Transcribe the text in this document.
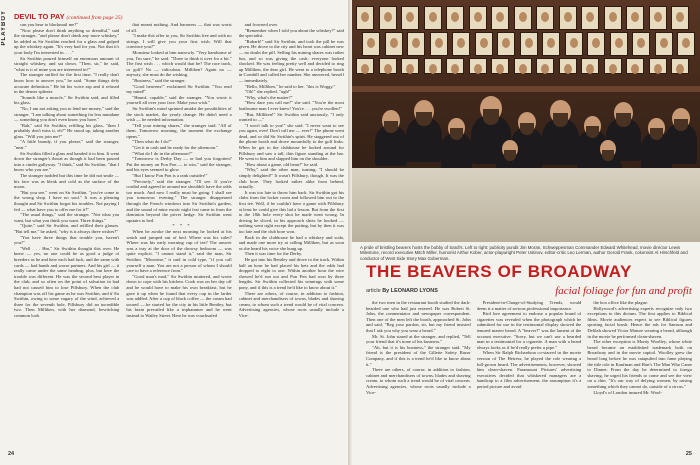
PLAYBOY DEVIL TO PAY (continued from page 25)

can you bear to blackmail me?"

"Now please don't think anything so dreadful," said the stranger, "and please don't drink any more whiskey," he added as Sir Swithin reached for a glass and gulped up the whiskey again. "It's very bad for you. Not that it's your body I'm interested in. . . ."

Sir Swithin poured himself an enormous amount of straight whiskey, and sat down. "Then, sir," he said, "what is it of mine you are interested in?"

The stranger sniffed for the first time. "I really don't know how to answer you," he said. "Some things defy accurate definition." He bit his voice asp and it refused in the denser splinter.

"Sounds like a muscle," Sir Swithin said, and filled his glass.

"No, I am not asking you to lend me money," said the stranger. "I am talking about something far less mundane — something you don't even know you have."

"Bah," said Sir Swithin, refilling his glass, "then I probably don't miss it, eh?" He stood up, taking another glass. "Will you join me?"

"A little brandy, if you please," said the stranger, "neat."

Sir Swithin filled a glass and handed it to him. It went down the stranger's throat as though it had been poured into a cinder gullyway. "I think," said Sir Swithin, "that I know who you are."

The stranger nodded but this time he did not smile — his face was as bleak and cold as the surface of the moon.

"But you see," went on Sir Swithin, "you've come to the wrong shop. I have no soul." It was a pleasing thought and Sir Swithin forgot his troubles. Not paying I fed — what have you to offer me for it?"

"The usual things," said the stranger. "Not what you want, but what you think you want. Three things."

"Quite," said Sir Swithin, and refilled their glasses. "But tell me," he asked, "why is it always three wishes?"

"You have three things that trouble you, haven't you?"

"Well . . . Hm," Sir Swithin thought this over. He knew — yes, no one could be as good a judge of breeders as he and here each had luck, and the same with cards — bad hands and worse partners. And his girl — it really came under the same heading, plus, but here the trouble was different. He was the second best player in the club, and so often on the point of salvation in bad had not caused him to lose Pillsbury. When the club champion was off his game as he was Swithin, and if Sir Swithin, owing to some vagary of the wind, achieved a three for the seventh hole, Pillsbury did an incredible two. Then Milliken, with her diamond, bewitching common look

that meant nothing. And baroness — that was worst of all.

"I make this offer to you, Sir Swithin free and with no strings. I will give you your first wish. Will that convince you?"

Monsieur looked at him narrowly. "Very handsome of you, I'm sure," he said. "Three to think it over for a bit." The first wish . . . which would that be? The race track, or golf? No — ridiculous. Milliken? Again no — anyway, she must do the wishing.

"Business," said the stranger.

"Good heavens!" exclaimed Sir Swithin. "You read my mind!"

"Hmmf, capable," said the stranger. "You wrote it yourself all over your face. Make your wish."

Sir Swithin's mind sprinted amidst the possibilities of the stock market, the yearly change. He didn't need a wish — he needed information.

"Tell your mining shares," the stranger said. "All of them. Tomorrow morning, the moment the exchange opens."

"Then what do I do?"

"Get it in cash and be ready for the afternoon."

"What do I do in the afternoon?"

"Tomorrow is Derby Day — or had you forgotten? Put the money on Pon Pon — to win," said the stranger, and his eyes seemed to glow.

"But I know Pon Pon is a rank outsider!"

"Precisely," said the stranger. "I'll see. If you're cordial and agreed in around me shouldn't have the odds too much. And now I really must be going. I shall see you tomorrow evening." The stranger disappeared through the French windows into Sir Swithin's garden, and the sound of mine exotic night fast came in from the dominion beyond the privet hedge. Sir Swithin went upstairs to bed.

* * *

When he awoke the next morning he looked at his watch and jumped out of bed. Where was his valet? Where was his early morning cup of tea? The answer was a tray at the door of the drowsy bedroom — was quite explicit. "I cannot stand it," said the man, Sir Swithin. "Moonrise," it said in cold type, "if you call yourself a man. You are not a person of whom I should care to have a reference from."

"Good man's mad," Sir Swithin muttered, and wrote down to cope with his kitchen. Cook was on her day off and he would have to make his own breakfast, but he gave it up when he found that every cup in the larder was addled. After a cup of black coffee — the cream had soured — he started for the city in his little Bentley, but his brain prevailed like a triphammer and he went instead to Watley Street. Here he was vouchsafed

and frowned over.

"Remember when I told you about the whiskey?" said the specialist.

"Rubarb!" said Sir Swithin, and took the pill he was given. He drove to the city and his heart was cabinet new — no doubt the pill. Selling his mining shares was rather fun, and so was giving the cash; everyone looked shocked. He was feeling pretty well and decided to ring up Milliken, the dear girl. He went to a telephone booth in Cornhill and called her number. She answered, herself — immediately.

"Hello, Milliken," he said to her, "this is Woggy."

"Oh!" she replied, "ugh!"

"Why, what's the matter?"

"How dare you call me?" she said. "You're the most loathsome man I ever knew! You're . . . you're swollen!"

"But, Milliken!" Sir Swithin said anxiously, "I only wanted to —"

"I won't talk to you!" she said. "I never want to see you again, ever! Don't call me — ever!" The phone went dead, and so did Sir Swithin's spirit. He staggered out of the phone booth and drove mournfully to the golf links. When he got to the clubhouse he looked around for Pillsbury and saw a tall, thin figure standing at the bar. He went to him and slapped him on the shoulder.

"How about a game, old bean?" he said.

"Why," said the other man, turning, "I should be simply delighted!" It wasn't Pillsbury, though. It was the club bore. They looked rather alike from behind, actually.

It was too late to throw him back. Sir Swithin got his clubs from the locker room and followed him out to the first tee. Well, if he couldn't have a game with Pillsbury at least he could give this lad a lesson. But from the first to the 18th hole every shot he made went wrong. In driving he sliced, in his approach shots he hooked — nothing went right except the putting, but by then it was too late and the club bore won.

Back in the clubhouse he had a whiskey and soda, and made one more try at calling Milliken, but as soon as she heard his voice she hung up.

Then it was time for the Derby.

He got into his Bentley and drove to the track. Within half an hour he had placed his bets and the odds had dropped to eight to one. Within another hour the wire showed he'd run out and Pon Pon had won by three lengths. Sir Swithin collected his winnings with some pony, and if this is a trend he'd like to know about it."

There are others, of course, in addition to fashion, cabinet and merchandisers of towns, blades and shaving cream, to whom such a trend would be of vital concern. Advertising agencies, whose roots usually include a Vice-

24
A pride of bristling bearers hosts the bobby of Sardi's. Left to right: publicity pundit Jim Moran, Schweppesman Commander Edward Whitehead, movie director Lewis Milestone, record executive Mitch Miller, humorist Arthur Kober, actor-playwright Peter Ustinov, editor-critic Leo Lerman, author Gerold Frank, columnist Al Hirschfeld and conductor of West Side Story Max Goberman.
THE BEAVERS OF BROADWAY
article By LEONARD LYONS	facial foliage for fun and profit

the two men in the restaurant booth studied the dark-bearded one who had just entered. He was Robert St. John, the commentator and newspaper correspondent. Then one of the men left the booth, approached St. John and said, "Beg your pardon, sir, but my friend insisted that I ask you why you wear a beard."

Mr. St. John stared at the stranger, and replied, "Tell your friend that it's none of his business."

"Ah, but it is his business," the stranger said. "My friend is the president of the Gillette Safety Razor Company, and if this is a trend he'd like to know about it."

There are others, of course, in addition to fashion, cabinet and merchandisers of towns, blades and shaving cream, to whom such a trend would be of vital concern. Advertising agencies, whose roots usually include a Vice-

President-in-Charge-of-Studying Trends, would deem it a matter of serious professional importance.

Bird lore agreement to endorse a popular brand of cigarettes was revealed when the photograph which he submitted for use in the testimonial display showed the tenured master beard. A "beaver?" was the lament of the account executive. "Sorry, but we can't use a bearded man in a testimonial for a cigarette. A man with a beard always looks as if he'd really prefer a pipe."

When Sir Ralph Richardson co-starred in the movie version of The Heiress, he played the role wearing a full-grown beard. The advertisements, however, showed him clean-shaven. Paramount Pictures' advertising executives decided that whiskered managers are a handicap to a film advertisement, the assumption it's a period picture and avoid

the box office like the plague.

Hollywood's advertising experts recognize only two exceptions to this dictum. The first applies to Biblical films. Movie audiences expect to see Biblical figures sporting facial brush. Hence the ads for Samson and Delilah showed Victor Mature wearing a beard, although in the movie he performed clean-shaven.

The other exception is Monty Woolley, whose white beard became an established trademark both on Broadway and in the movie capitol. Woolley grew the beard long before he was catapulted into fame playing the title role in Kaufman and Hart's The Man Who Came to Dinner. From the day he determined to forego shaving, he urged his friends to come and see the view on a chin. "It's our way of defying women, by raising something which they cannot do, outside of a circus."

Lloyd's of London insured Mr. Wool-

25
